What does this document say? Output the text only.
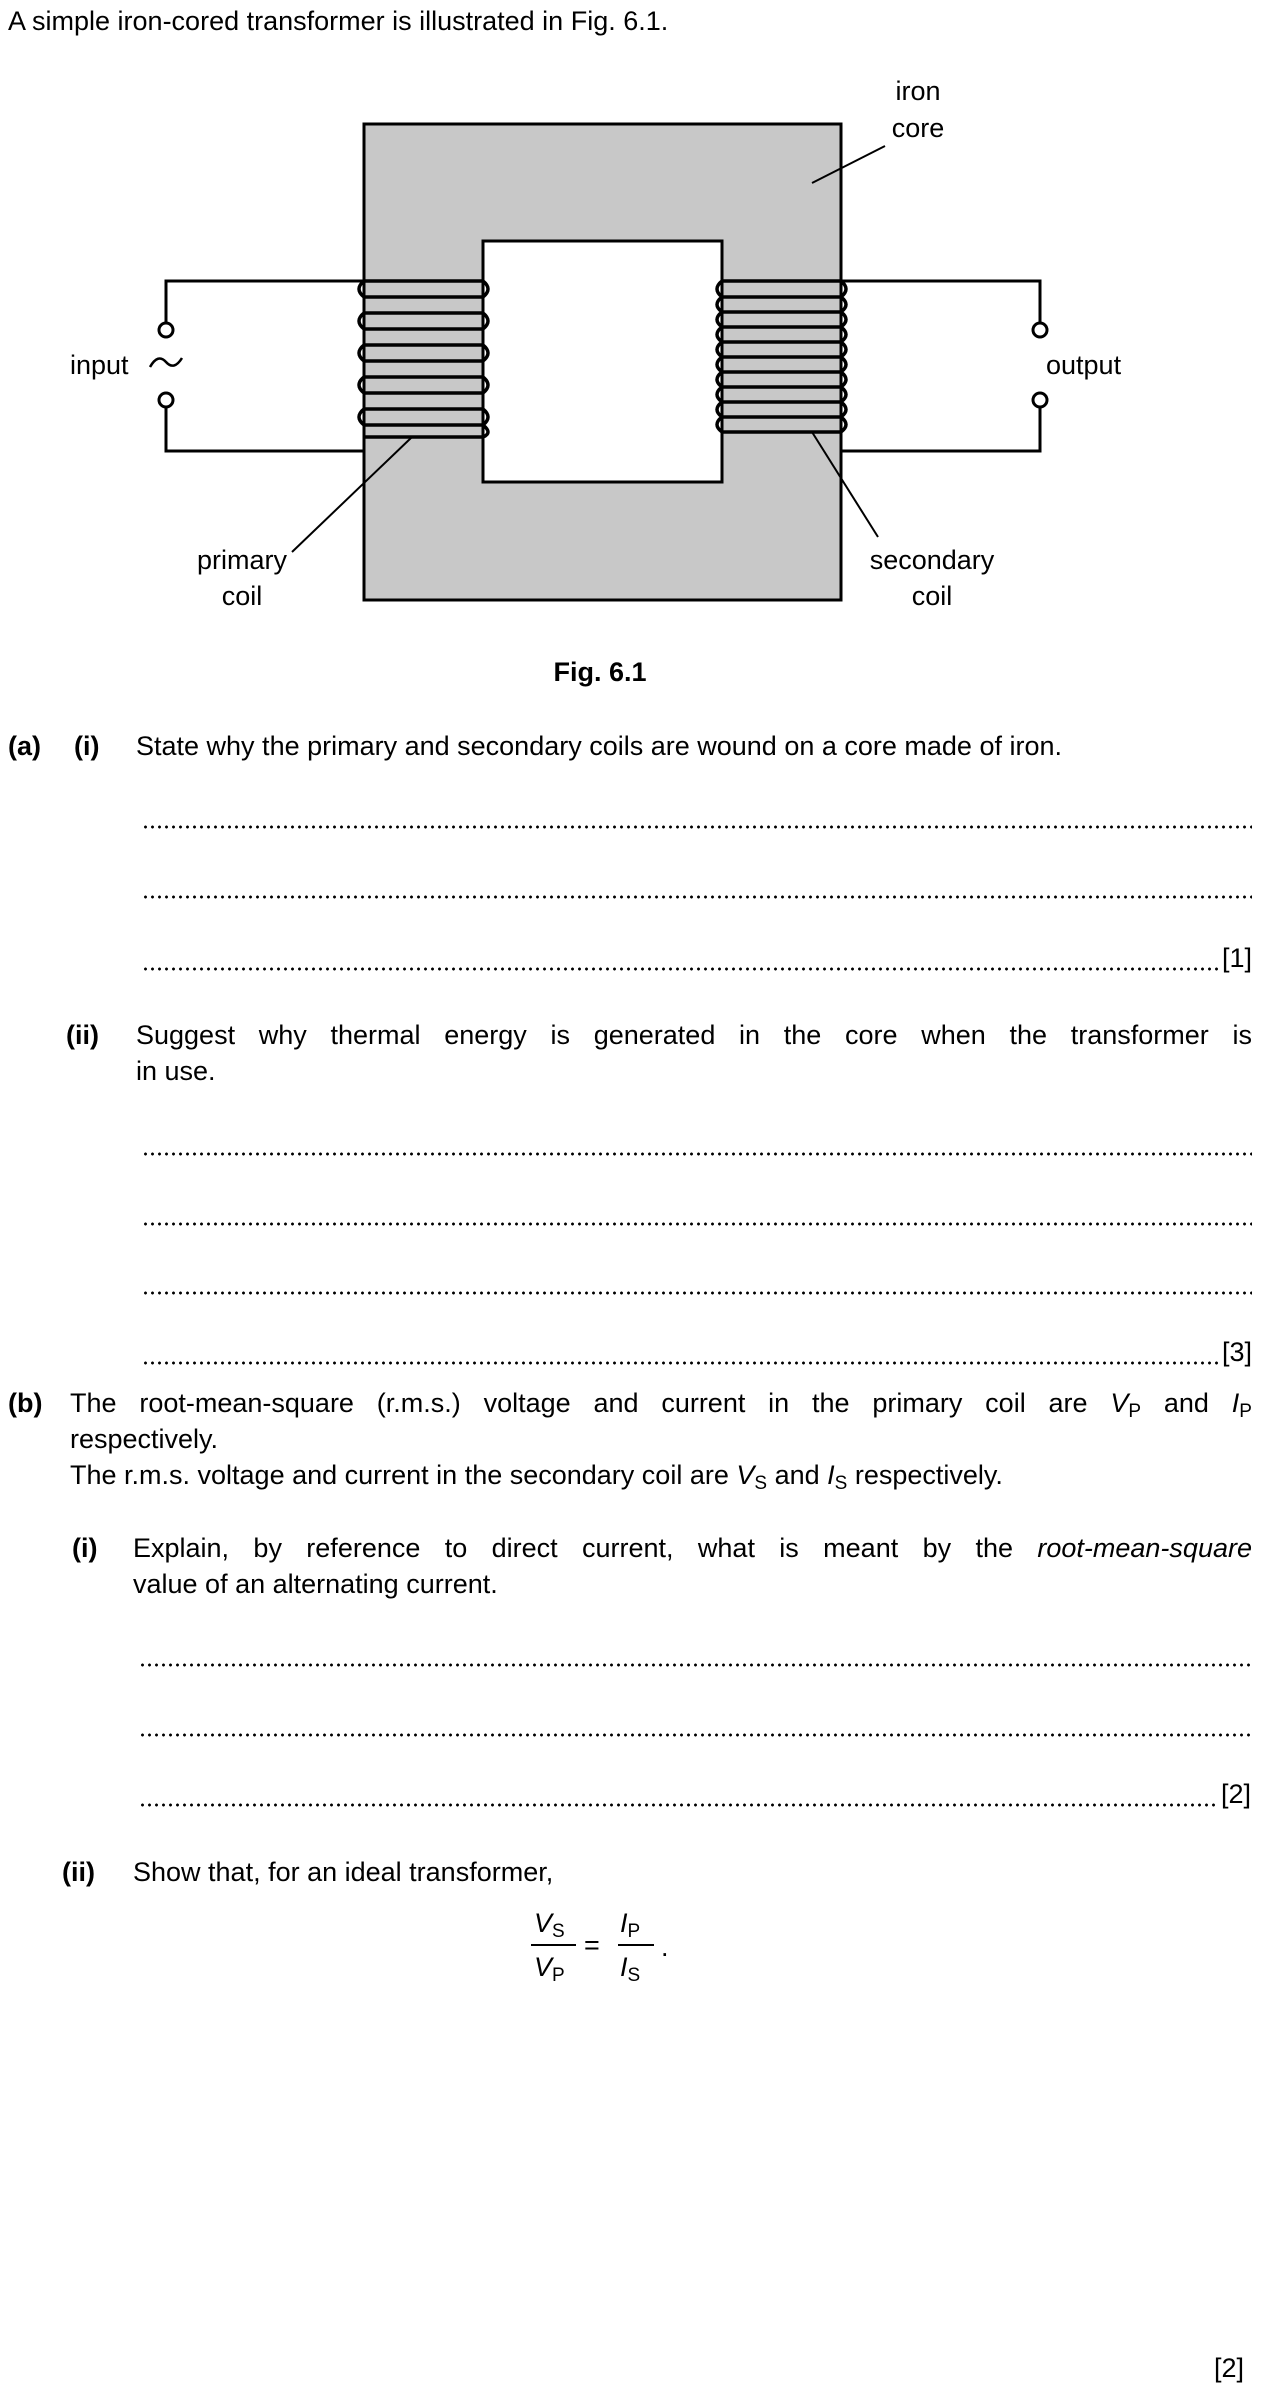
A simple iron-cored transformer is illustrated in Fig. 6.1.
iron
core
input	output
primary
coil
secondary
coil
Fig. 6.1
(a) (i) State why the primary and secondary coils are wound on a core made of iron.
[1]
(ii) Suggest why thermal energy is generated in the core when the transformer is
in use.
[3]
(b) The root-mean-square (r.m.s.) voltage and current in the primary coil are $V_P$ and $I_P$
respectively.
The r.m.s. voltage and current in the secondary coil are $V_S$ and $I_S$ respectively.
(i) Explain, by reference to direct current, what is meant by the root-mean-square
value of an alternating current.
[2]
(ii) Show that, for an ideal transformer,
$V_S$
$V_P$
=
$I_P$
$I_S$
.
[2]
